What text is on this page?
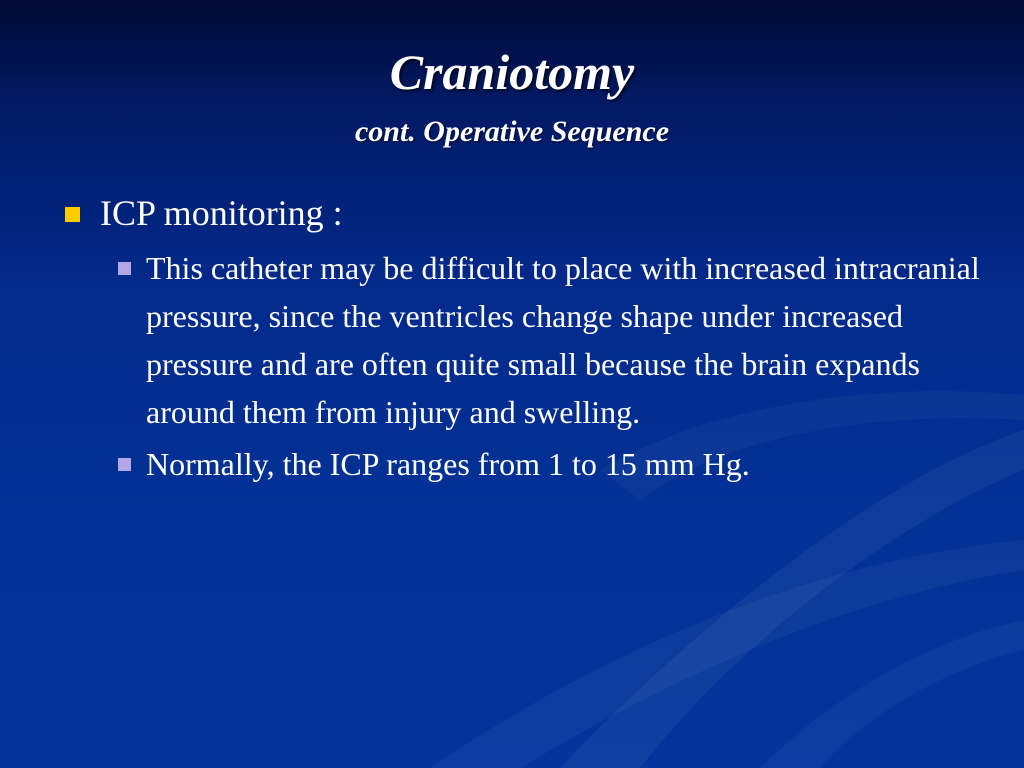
Craniotomy
cont. Operative Sequence
ICP monitoring :
This catheter may be difficult to place with increased intracranial pressure, since the ventricles change shape under increased pressure and are often quite small because the brain expands around them from injury and swelling.
Normally, the ICP ranges from 1 to 15 mm Hg.
